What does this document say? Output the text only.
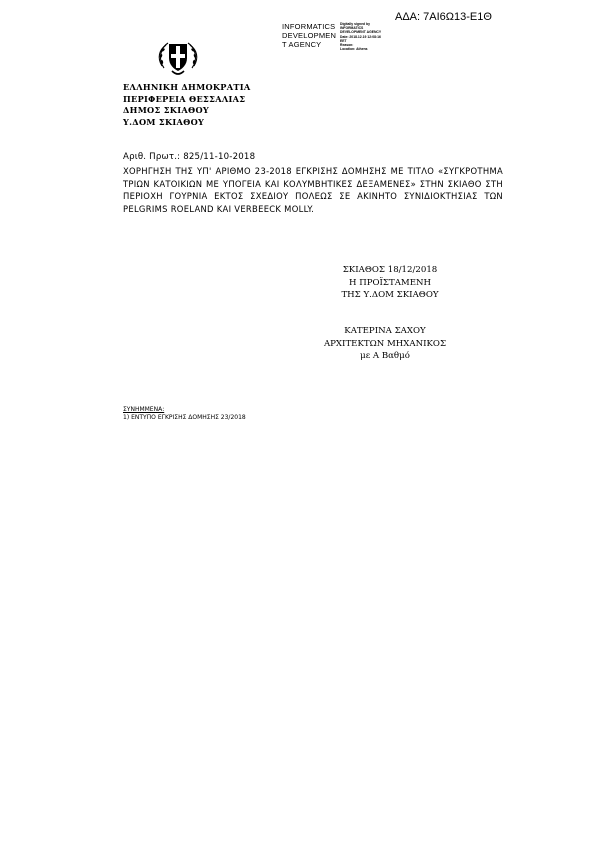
ΑΔΑ: 7ΑΙ6Ω13-Ε1Θ
INFORMATICS
DEVELOPMEN
T AGENCY
Digitally signed by
INFORMATICS
DEVELOPMENT AGENCY
Date: 2018.12.19 12:08:16
EET
Reason:
Location: Athens
ΕΛΛΗΝΙΚΗ ΔΗΜΟΚΡΑΤΙΑ
ΠΕΡΙΦΕΡΕΙΑ ΘΕΣΣΑΛΙΑΣ
ΔΗΜΟΣ ΣΚΙΑΘΟΥ
Υ.ΔΟΜ ΣΚΙΑΘΟΥ
Αριθ. Πρωτ.: 825/11-10-2018
ΧΟΡΗΓΗΣΗ ΤΗΣ ΥΠ' ΑΡΙΘΜΟ 23-2018 ΕΓΚΡΙΣΗΣ ΔΟΜΗΣΗΣ ΜΕ ΤΙΤΛΟ «ΣΥΓΚΡΟΤΗΜΑ ΤΡΙΩΝ ΚΑΤΟΙΚΙΩΝ ΜΕ ΥΠΟΓΕΙΑ ΚΑΙ ΚΟΛΥΜΒΗΤΙΚΕΣ ΔΕΞΑΜΕΝΕΣ» ΣΤΗΝ ΣΚΙΑΘΟ ΣΤΗ ΠΕΡΙΟΧΗ ΓΟΥΡΝΙΑ ΕΚΤΟΣ ΣΧΕΔΙΟΥ ΠΟΛΕΩΣ ΣΕ ΑΚΙΝΗΤΟ ΣΥΝΙΔΙΟΚΤΗΣΙΑΣ ΤΩΝ PELGRIMS ROELAND ΚΑΙ VERBEECK MOLLY.
ΣΚΙΑΘΟΣ 18/12/2018
Η ΠΡΟΪΣΤΑΜΕΝΗ
ΤΗΣ Υ.ΔΟΜ ΣΚΙΑΘΟΥ
ΚΑΤΕΡΙΝΑ ΣΑΧΟΥ
ΑΡΧΙΤΕΚΤΩΝ ΜΗΧΑΝΙΚΟΣ
με Α Βαθμό
ΣΥΝΗΜΜΕΝΑ:
1) ΕΝΤΥΠΟ ΕΓΚΡΙΣΗΣ ΔΟΜΗΣΗΣ 23/2018
